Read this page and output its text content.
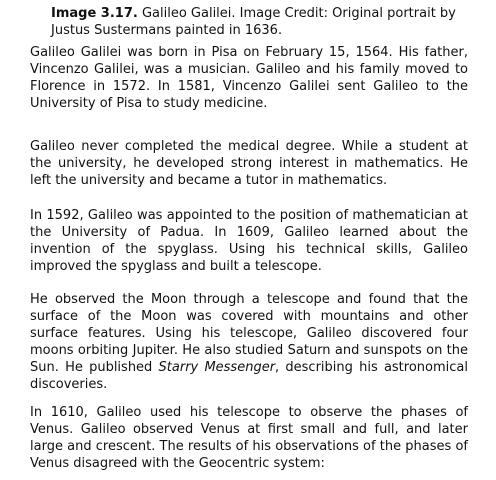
Image 3.17. Galileo Galilei. Image Credit: Original portrait by Justus Sustermans painted in 1636.

Galileo Galilei was born in Pisa on February 15, 1564. His father, Vincenzo Galilei, was a musician. Galileo and his family moved to Florence in 1572. In 1581, Vincenzo Galilei sent Galileo to the University of Pisa to study medicine.

Galileo never completed the medical degree. While a student at the university, he developed strong interest in mathematics. He left the university and became a tutor in mathematics.

In 1592, Galileo was appointed to the position of mathematician at the University of Padua. In 1609, Galileo learned about the invention of the spyglass. Using his technical skills, Galileo improved the spyglass and built a telescope.

He observed the Moon through a telescope and found that the surface of the Moon was covered with mountains and other surface features. Using his telescope, Galileo discovered four moons orbiting Jupiter. He also studied Saturn and sunspots on the Sun. He published Starry Messenger, describing his astronomical discoveries.

In 1610, Galileo used his telescope to observe the phases of Venus. Galileo observed Venus at first small and full, and later large and crescent. The results of his observations of the phases of Venus disagreed with the Geocentric system:
